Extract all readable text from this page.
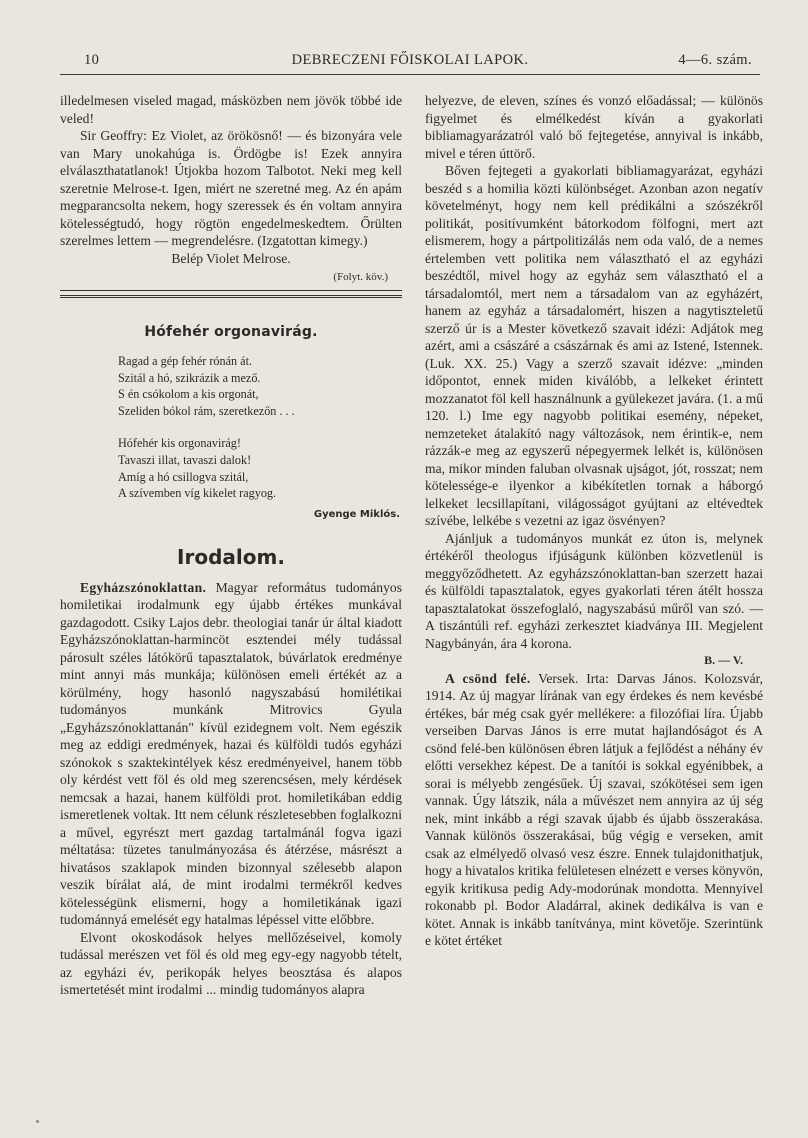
10	DEBRECZENI FŐISKOLAI LAPOK.	4—6. szám.

illedelmesen viseled magad, másközben nem jövök többé ide veled!

Sir Geoffry: Ez Violet, az örökösnő! — és bizonyára vele van Mary unokahúga is. Ördögbe is! Ezek annyira elválaszthatatlanok! Útjokba hozom Talbotot. Neki meg kell szeretnie Melrose-t. Igen, miért ne szeretné meg. Az én apám megparancsolta nekem, hogy szeressek és én voltam annyira kötelességtudó, hogy rögtön engedelmeskedtem. Őrülten szerelmes lettem — megrendelésre. (Izgatottan kimegy.)

Belép Violet Melrose.

(Folyt. köv.)

Hófehér orgonavirág.
Ragad a gép fehér rónán át.
Szitál a hó, szikrázik a mező.
S én csókolom a kis orgonát,
Szeliden bókol rám, szeretkezőn . . .
Hófehér kis orgonavirág!
Tavaszi illat, tavaszi dalok!
Amíg a hó csillogva szitál,
A szívemben víg kikelet ragyog.
Gyenge Miklós.
Irodalom.

Egyházszónoklattan. Magyar református tudományos homiletikai irodalmunk egy újabb értékes munkával gazdagodott. Csiky Lajos debr. theologiai tanár úr által kiadott Egyházszónoklattan-harmincöt esztendei mély tudással párosult széles látókörű tapasztalatok, búvárlatok eredménye mint annyi más munkája; különösen emeli értékét az a körülmény, hogy hasonló nagyszabású homilétikai tudományos munkánk Mitrovics Gyula „Egyházszónoklattanán" kívül ezidegnem volt. Nem egészik meg az eddigi eredmények, hazai és külföldi tudós egyházi szónokok s szaktekintélyek kész eredményeivel, hanem több oly kérdést vett föl és old meg szerencsésen, mely kérdések nemcsak a hazai, hanem külföldi prot. homiletikában eddig ismeretlenek voltak. Itt nem célunk részletesebben foglalkozni a művel, egyrészt mert gazdag tartalmánál fogva igazi méltatása: tüzetes tanulmányozása és átérzése, másrészt a hivatásos szaklapok minden bizonnyal szélesebb alapon veszik bírálat alá, de mint irodalmi termékről kedves kötelességünk elismerni, hogy a homiletikának igazi tudománnyá emelését egy hatalmas lépéssel vitte előbbre.

Elvont okoskodások helyes mellőzéseivel, komoly tudással merészen vet föl és old meg egy-egy nagyobb tételt, az egyházi év, perikopák helyes beosztása és alapos ismertetését mint irodalmi ... mindig tudományos alapra

helyezve, de eleven, színes és vonzó előadással; — különös figyelmet és elmélkedést kíván a gyakorlati bibliamagyarázatról való bő fejtegetése, annyival is inkább, mivel e téren úttörő.

Bőven fejtegeti a gyakorlati bibliamagyarázat, egyházi beszéd s a homilia közti különbséget. Azonban azon negatív követelményt, hogy nem kell prédikálni a szószékről politikát, positívumként bátorkodom fölfogni, mert azt elismerem, hogy a pártpolitizálás nem oda való, de a nemes értelemben vett politika nem választható el az egyházi beszédtől, mivel hogy az egyház sem választható el a társadalomtól, mert nem a társadalom van az egyházért, hanem az egyház a társadalomért, hiszen a nagytiszteletű szerző úr is a Mester következő szavait idézi: Adjátok meg azért, ami a császáré a császárnak és ami az Istené, Istennek. (Luk. XX. 25.) Vagy a szerző szavait idézve: „minden időpontot, ennek miden kiválóbb, a lelkeket érintett mozzanatot föl kell használnunk a gyülekezet javára. (1. a mű 120. l.) Ime egy nagyobb politikai esemény, népeket, nemzeteket átalakító nagy változások, nem érintik-e, nem rázzák-e meg az egyszerű népegyermek lelkét is, különösen ma, mikor minden faluban olvasnak ujságot, jót, rosszat; nem kötelessége-e ilyenkor a kibékítetlen tornak a háborgó lelkeket lecsillapítani, világosságot gyújtani az eltévedtek szívébe, lelkébe s vezetni az igaz ösvényen?

Ajánljuk a tudományos munkát ez úton is, melynek értékéről theologus ifjúságunk különben közvetlenül is meggyőződhetett. Az egyházszónoklattan-ban szerzett hazai és külföldi tapasztalatok, egyes gyakorlati téren átélt hossza tapasztalatokat összefoglaló, nagyszabású műről van szó. — A tiszántúli ref. egyházi zerkesztet kiadványa III. Megjelent Nagybányán, ára 4 korona.

B. — V.

A csönd felé. Versek. Irta: Darvas János. Kolozsvár, 1914. Az új magyar lírának van egy érdekes és nem kevésbé értékes, bár még csak gyér mellékere: a filozófiai líra. Újabb verseiben Darvas János is erre mutat hajlandóságot és A csönd felé-ben különösen ébren látjuk a fejlődést a néhány év előtti versekhez képest. De a tanítói is sokkal egyénibbek, a sorai is mélyebb zengésűek. Új szavai, szókötései sem igen vannak. Úgy látszik, nála a művészet nem annyira az új ség nek, mint inkább a régi szavak újabb és újabb összerakása. Vannak különös összerakásai, bűg végig e verseken, amit csak az elmélyedő olvasó vesz észre. Ennek tulajdonithatjuk, hogy a hivatalos kritika felületesen elnézett e verses könyvön, egyik kritikusa pedig Ady-modorúnak mondotta. Mennyivel rokonabb pl. Bodor Aladárral, akinek dedikálva is van e kötet. Annak is inkább tanítványa, mint követője. Szerintünk e kötet értéket
